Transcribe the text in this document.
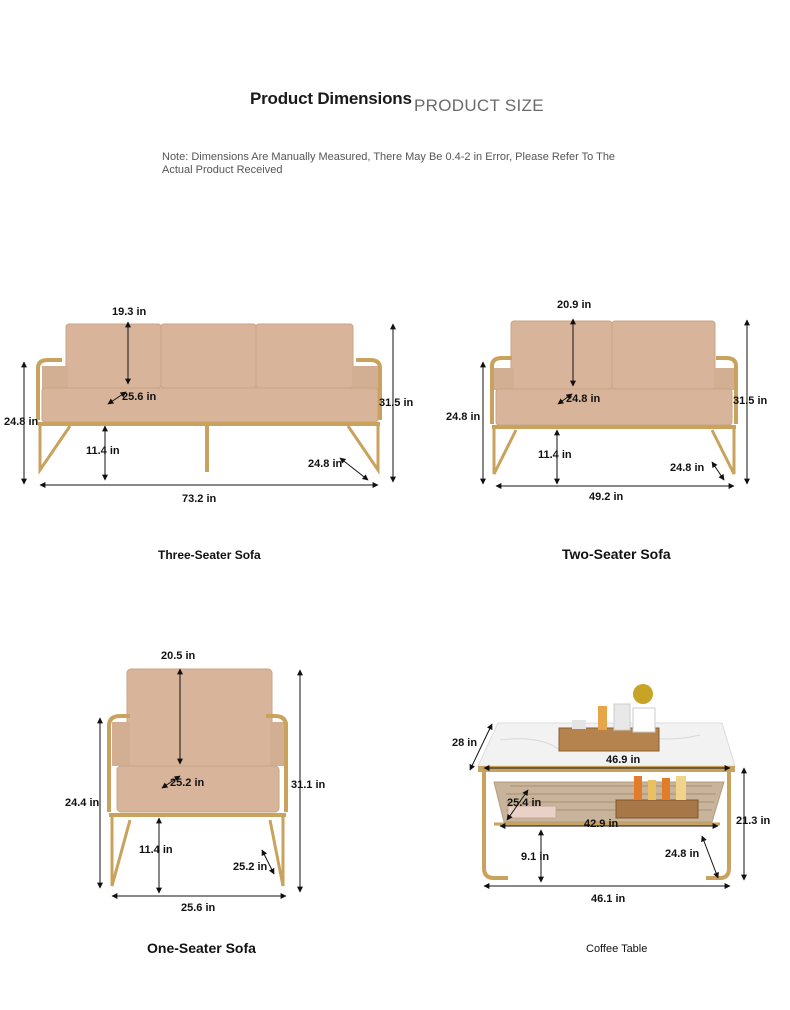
Product Dimensions PRODUCT SIZE
Note: Dimensions Are Manually Measured, There May Be 0.4-2 in Error, Please Refer To The Actual Product Received
19.3 in
25.6 in
24.8 in
31.5 in
11.4 in
24.8 in
73.2 in
Three-Seater Sofa
20.9 in
24.8 in
24.8 in
31.5 in
11.4 in
24.8 in
49.2 in
Two-Seater Sofa
20.5 in
25.2 in
24.4 in
31.1 in
11.4 in
25.2 in
25.6 in
One-Seater Sofa
28 in
46.9 in
25.4 in
42.9 in	21.3 in
9.1 in	24.8 in
46.1 in
Coffee Table
